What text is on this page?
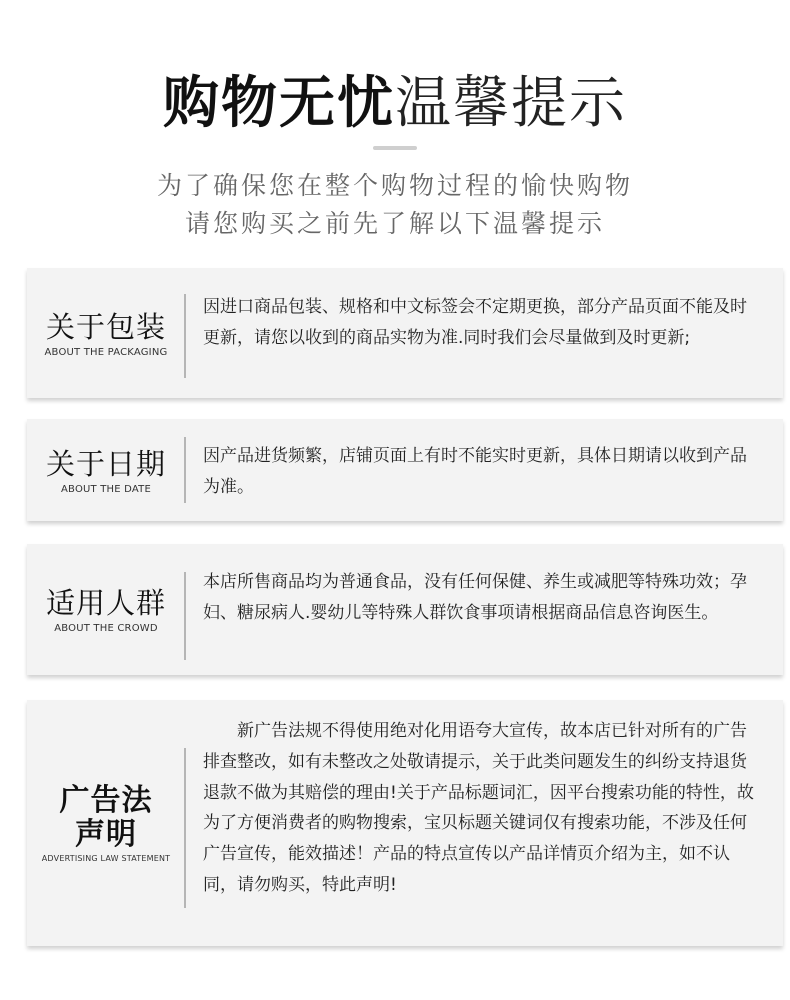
购物无忧温馨提示
为了确保您在整个购物过程的愉快购物
请您购买之前先了解以下温馨提示
关于包装
ABOUT THE PACKAGING
因进口商品包装、规格和中文标签会不定期更换，部分产品页面不能及时更新，请您以收到的商品实物为准.同时我们会尽量做到及时更新;
关于日期
ABOUT THE DATE
因产品进货频繁，店铺页面上有时不能实时更新，具体日期请以收到产品为准。
适用人群
ABOUT THE CROWD
本店所售商品均为普通食品，没有任何保健、养生或减肥等特殊功效；孕妇、糖尿病人.婴幼儿等特殊人群饮食事项请根据商品信息咨询医生。
广告法声明
ADVERTISING LAW STATEMENT
　　新广告法规不得使用绝对化用语夸大宣传，故本店已针对所有的广告排查整改，如有未整改之处敬请提示，关于此类问题发生的纠纷支持退货退款不做为其赔偿的理由!关于产品标题词汇，因平台搜索功能的特性，故为了方便消费者的购物搜索，宝贝标题关键词仅有搜索功能，不涉及任何广告宣传，能效描述！产品的特点宣传以产品详情页介绍为主，如不认同，请勿购买，特此声明!
